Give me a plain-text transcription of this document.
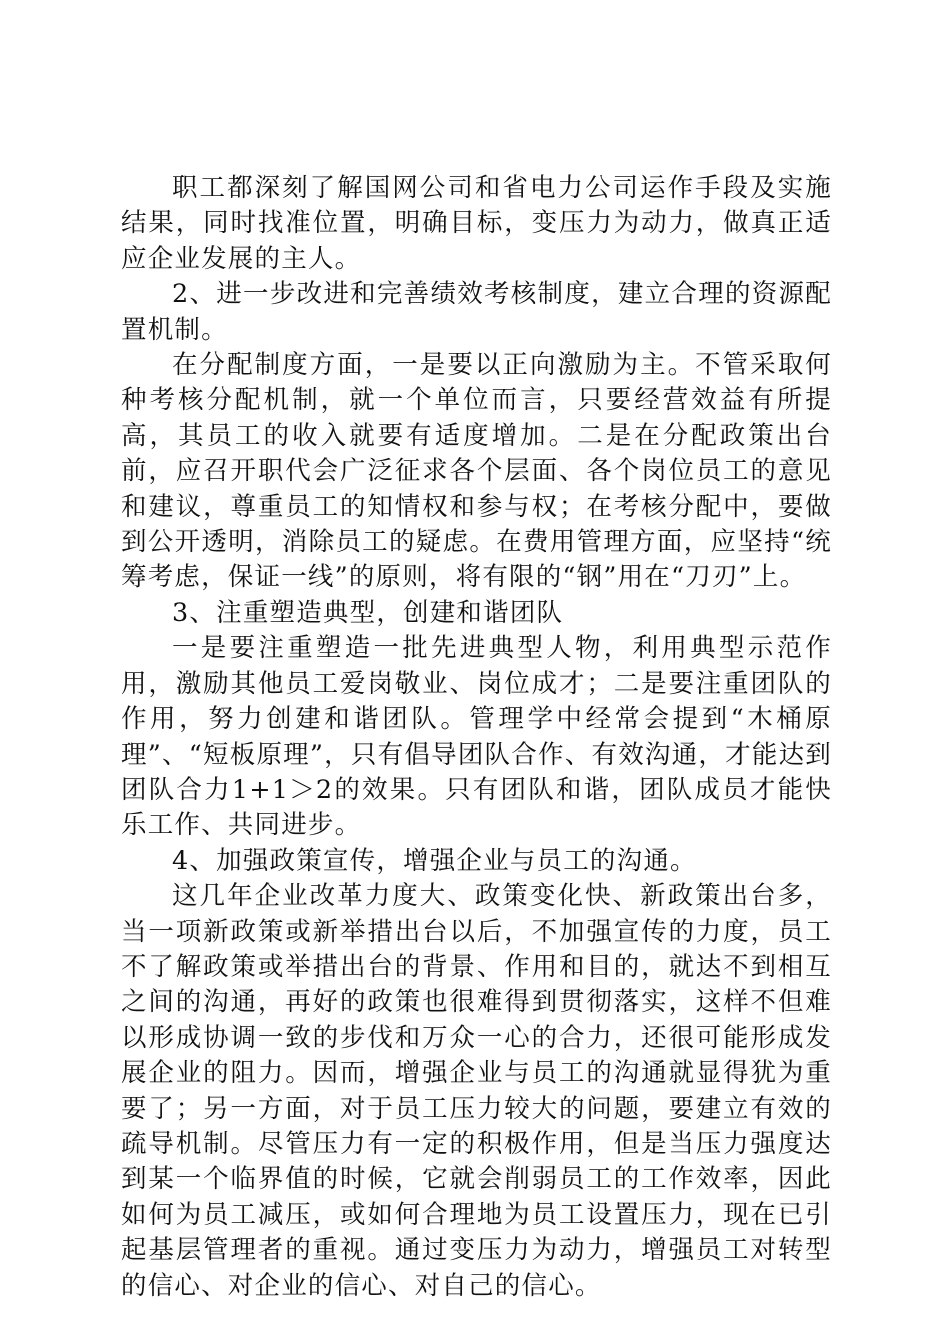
职工都深刻了解国网公司和省电力公司运作手段及实施结果，同时找准位置，明确目标，变压力为动力，做真正适应企业发展的主人。

2、进一步改进和完善绩效考核制度，建立合理的资源配置机制。

在分配制度方面，一是要以正向激励为主。不管采取何种考核分配机制，就一个单位而言，只要经营效益有所提高，其员工的收入就要有适度增加。二是在分配政策出台前，应召开职代会广泛征求各个层面、各个岗位员工的意见和建议，尊重员工的知情权和参与权；在考核分配中，要做到公开透明，消除员工的疑虑。在费用管理方面，应坚持“统筹考虑，保证一线”的原则，将有限的“钢”用在“刀刃”上。

3、注重塑造典型，创建和谐团队

一是要注重塑造一批先进典型人物，利用典型示范作用，激励其他员工爱岗敬业、岗位成才；二是要注重团队的作用，努力创建和谐团队。管理学中经常会提到“木桶原理”、“短板原理”，只有倡导团队合作、有效沟通，才能达到团队合力1+1＞2的效果。只有团队和谐，团队成员才能快乐工作、共同进步。

4、加强政策宣传，增强企业与员工的沟通。

这几年企业改革力度大、政策变化快、新政策出台多，当一项新政策或新举措出台以后，不加强宣传的力度，员工不了解政策或举措出台的背景、作用和目的，就达不到相互之间的沟通，再好的政策也很难得到贯彻落实，这样不但难以形成协调一致的步伐和万众一心的合力，还很可能形成发展企业的阻力。因而，增强企业与员工的沟通就显得犹为重要了；另一方面，对于员工压力较大的问题，要建立有效的疏导机制。尽管压力有一定的积极作用，但是当压力强度达到某一个临界值的时候，它就会削弱员工的工作效率，因此如何为员工减压，或如何合理地为员工设置压力，现在已引起基层管理者的重视。通过变压力为动力，增强员工对转型的信心、对企业的信心、对自己的信心。
